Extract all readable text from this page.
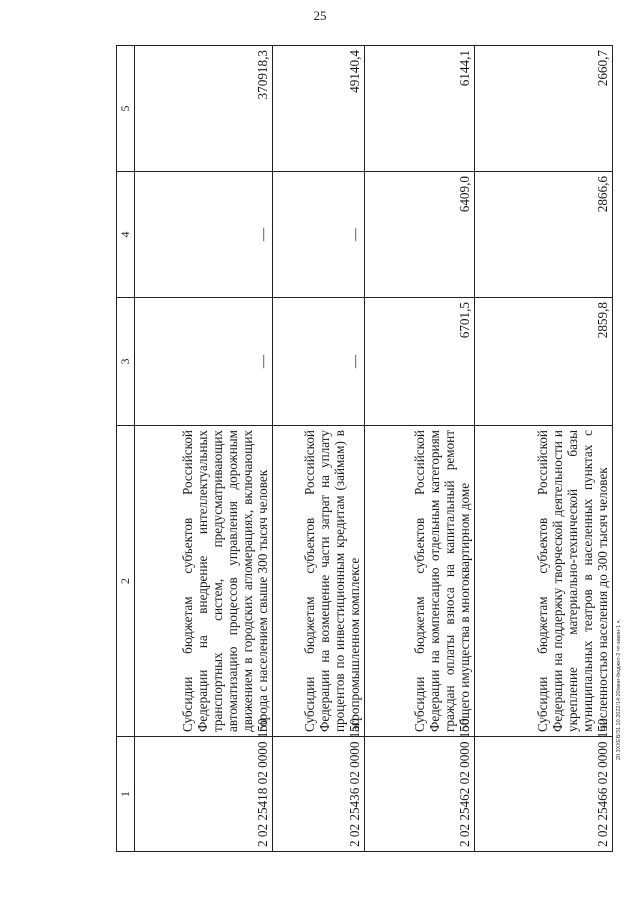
25
20.3ХХЕВ/31.10.2022/14:20/мни-бюджет-2 чт-закон-1 ч.
1	2	3	4	5
2 02 25418 02 0000 150	Субсидии бюджетам субъектов Российской Федерации на внедрение интеллектуальных транспортных систем, предусматривающих автоматизацию процессов управления дорожным движением в городских агломерациях, включающих города с населением свыше 300 тысяч человек	—	—	370918,3
2 02 25436 02 0000 150	Субсидии бюджетам субъектов Российской Федерации на возмещение части затрат на уплату процентов по инвестиционным кредитам (займам) в агропромышленном комплексе	—	—	49140,4
2 02 25462 02 0000 150	Субсидии бюджетам субъектов Российской Федерации на компенсацию отдельным категориям граждан оплаты взноса на капитальный ремонт общего имущества в многоквартирном доме	6701,5	6409,0	6144,1
2 02 25466 02 0000 150	Субсидии бюджетам субъектов Российской Федерации на поддержку творческой деятельности и укрепление материально-технической базы муниципальных театров в населенных пунктах с численностью населения до 300 тысяч человек	2859,8	2866,6	2660,7
